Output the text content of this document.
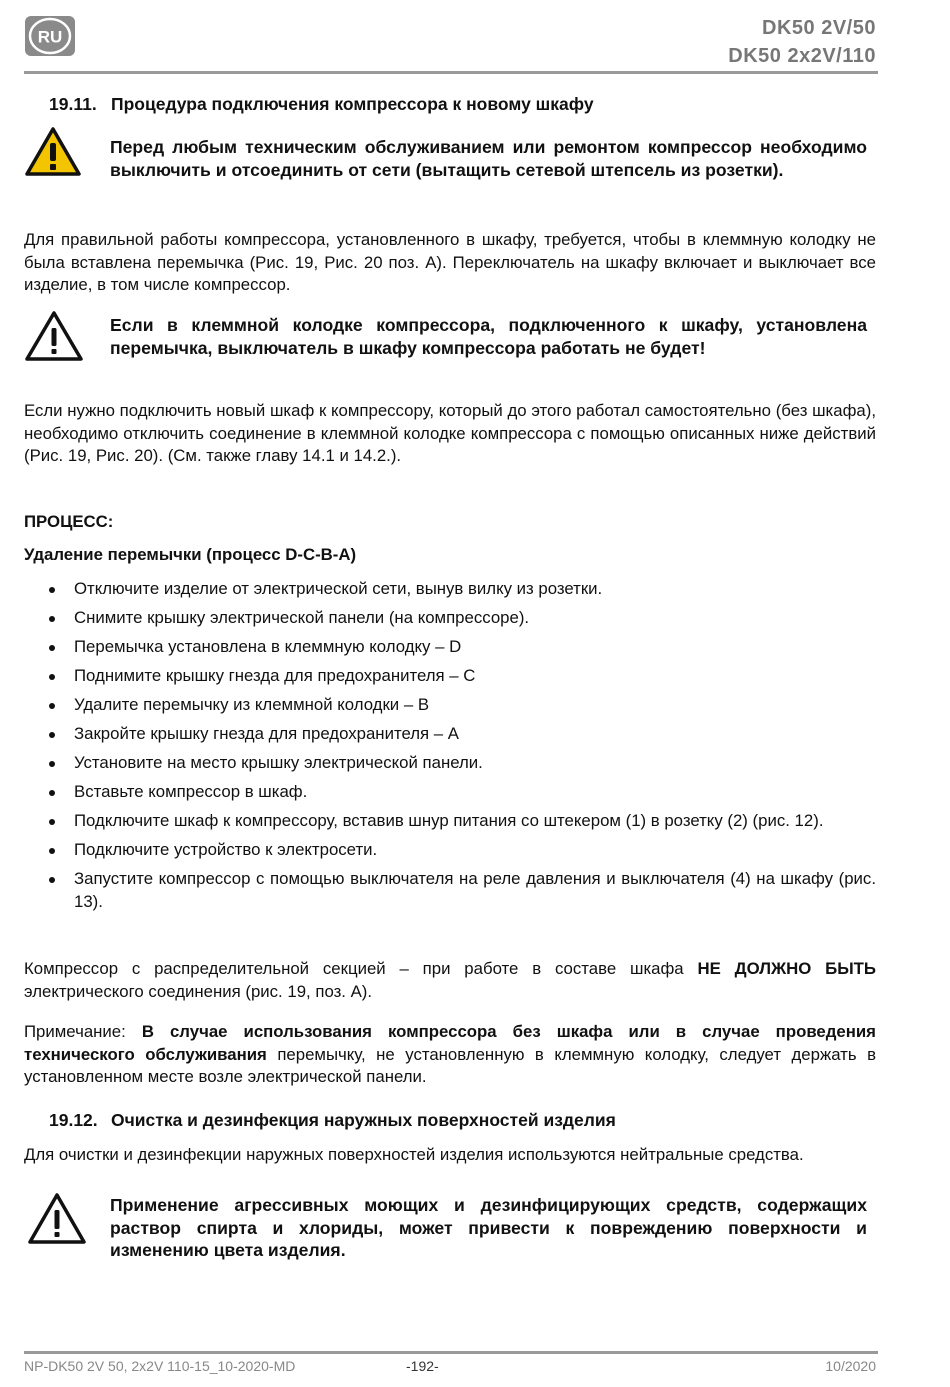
RU	DK50 2V/50
DK50 2x2V/110
19.11. Процедура подключения компрессора к новому шкафу
Перед любым техническим обслуживанием или ремонтом компрессор необходимо выключить и отсоединить от сети (вытащить сетевой штепсель из розетки).
Для правильной работы компрессора, установленного в шкафу, требуется, чтобы в клеммную колодку не была вставлена перемычка (Рис. 19, Рис. 20 поз. A). Переключатель на шкафу включает и выключает все изделие, в том числе компрессор.
Если в клеммной колодке компрессора, подключенного к шкафу, установлена перемычка, выключатель в шкафу компрессора работать не будет!
Если нужно подключить новый шкаф к компрессору, который до этого работал самостоятельно (без шкафа), необходимо отключить соединение в клеммной колодке компрессора с помощью описанных ниже действий (Рис. 19, Рис. 20). (См. также главу 14.1 и 14.2.).
ПРОЦЕСС:
Удаление перемычки (процесс D-C-B-A)
Отключите изделие от электрической сети, вынув вилку из розетки.
Снимите крышку электрической панели (на компрессоре).
Перемычка установлена в клеммную колодку – D
Поднимите крышку гнезда для предохранителя – C
Удалите перемычку из клеммной колодки – B
Закройте крышку гнезда для предохранителя – A
Установите на место крышку электрической панели.
Вставьте компрессор в шкаф.
Подключите шкаф к компрессору, вставив шнур питания со штекером (1) в розетку (2) (рис. 12).
Подключите устройство к электросети.
Запустите компрессор с помощью выключателя на реле давления и выключателя (4) на шкафу (рис. 13).
Компрессор с распределительной секцией – при работе в составе шкафа НЕ ДОЛЖНО БЫТЬ электрического соединения (рис. 19, поз. A).
Примечание: В случае использования компрессора без шкафа или в случае проведения технического обслуживания перемычку, не установленную в клеммную колодку, следует держать в установленном месте возле электрической панели.
19.12. Очистка и дезинфекция наружных поверхностей изделия
Для очистки и дезинфекции наружных поверхностей изделия используются нейтральные средства.
Применение агрессивных моющих и дезинфицирующих средств, содержащих раствор спирта и хлориды, может привести к повреждению поверхности и изменению цвета изделия.
NP-DK50 2V 50, 2x2V 110-15_10-2020-MD	-192-	10/2020
